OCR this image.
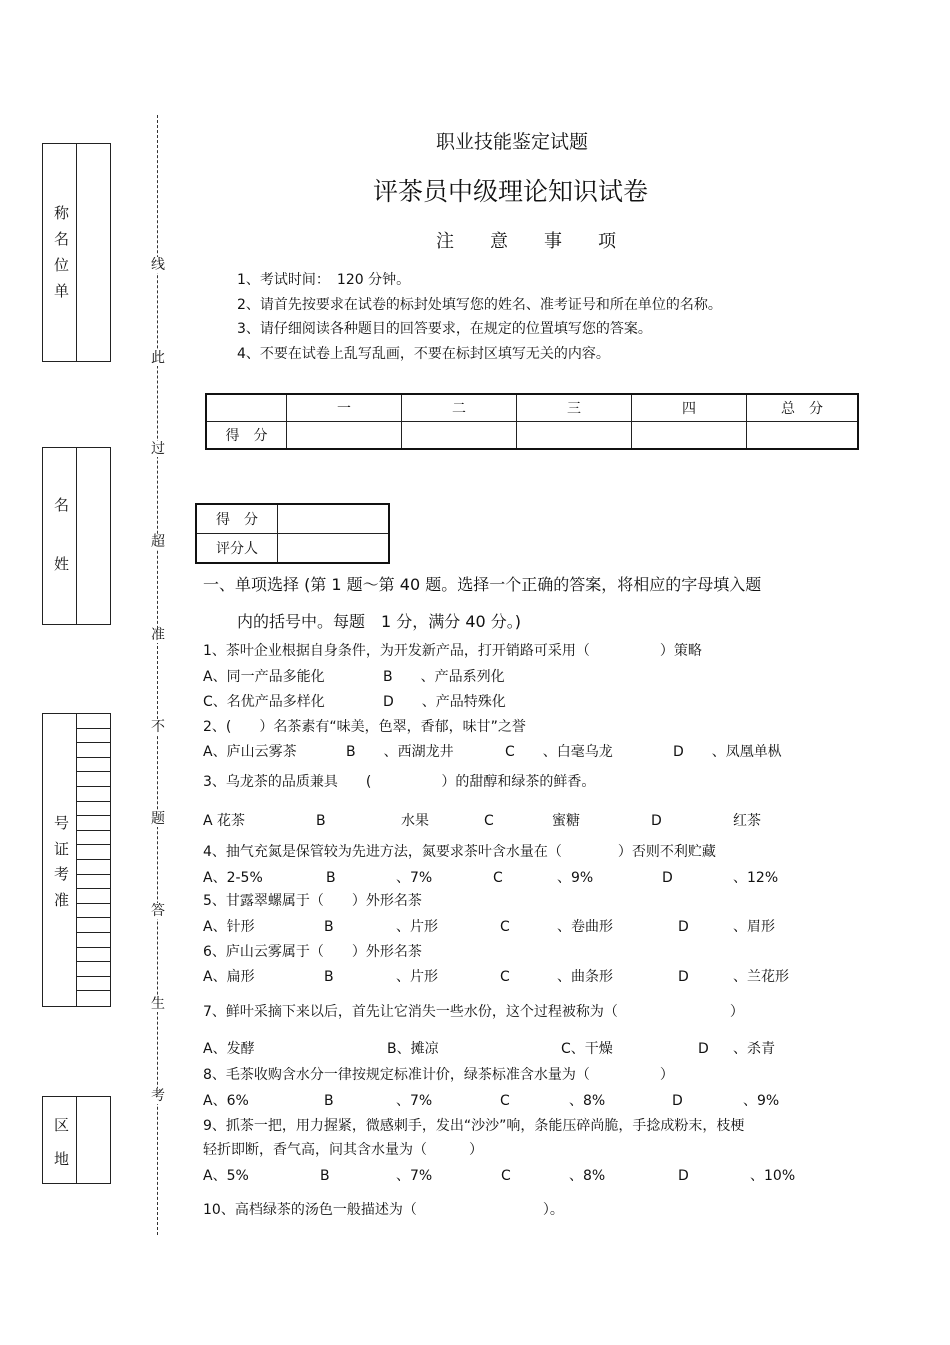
称
名
位
单
名
姓
号
证
考
准
区
地
线
此
过
超
准
不
题
答
生
考
职业技能鉴定试题
评茶员中级理论知识试卷
注　　意　　事　　项
1、考试时间：　120 分钟。
2、请首先按要求在试卷的标封处填写您的姓名、准考证号和所在单位的名称。
3、请仔细阅读各种题目的回答要求，在规定的位置填写您的答案。
4、不要在试卷上乱写乱画，不要在标封区填写无关的内容。
	一	二	三	四	总　分
得　分					
得　分	
评分人	
一、单项选择 (第 1 题～第 40 题。选择一个正确的答案，将相应的字母填入题
内的括号中。每题　1 分，满分 40 分。)
1、茶叶企业根据自身条件，为开发新产品，打开销路可采用（　　　　　）策略
A、同一产品多能化	B　　、产品系列化
C、名优产品多样化	D　　、产品特殊化
2、(　　）名茶素有“味美，色翠，香郁，味甘”之誉
A、庐山云雾茶	B　　、西湖龙井	C　　、白毫乌龙	D　　、凤凰单枞
3、乌龙茶的品质兼具　　(　　　　　）的甜醇和绿茶的鲜香。
A 花茶	B	水果	C	蜜糖	D	红茶
4、抽气充氮是保管较为先进方法，氮要求茶叶含水量在（　　　　）否则不利贮藏
A、2-5%	B	、7%	C	、9%	D	、12%
5、甘露翠螺属于（　　）外形名茶
A、针形	B	、片形	C	、卷曲形	D	、眉形
6、庐山云雾属于（　　）外形名茶
A、扁形	B	、片形	C	、曲条形	D	、兰花形
7、鲜叶采摘下来以后，首先让它消失一些水份，这个过程被称为（　　　　　　　　）
A、发酵	B、摊凉	C、干燥	D 、杀青
8、毛茶收购含水分一律按规定标准计价，绿茶标准含水量为（　　　　　）
A、6%	B	、7%	C	、8%	D	、9%
9、抓茶一把，用力握紧，微感刺手，发出“沙沙”响，条能压碎尚脆，手捻成粉末，枝梗
轻折即断，香气高，问其含水量为（　　　）
A、5%	B	、7%	C	、8%	D	、10%
10、高档绿茶的汤色一般描述为（　　　　　　　　　）。
